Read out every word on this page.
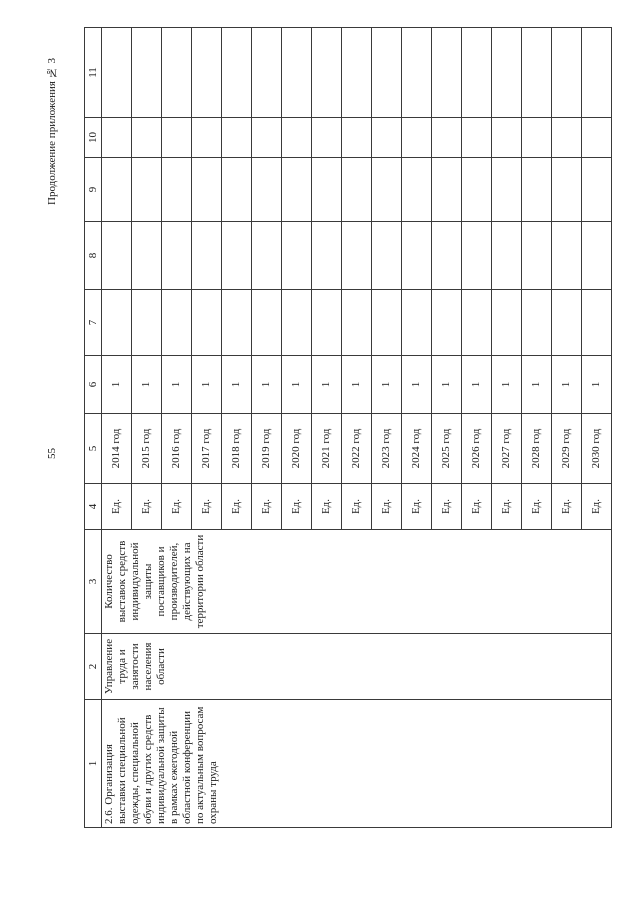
55
Продолжение приложения № 3
1	2	3	4	5	6	7	8	9	10	11
2.6. Организация выставки специальной одежды, специальной обуви и других средств индивидуальной защиты в рамках ежегодной областной конференции по актуальным вопросам охраны труда	Управление труда и занятости населения области	Количество выставок средств индивидуальной защиты поставщиков и производителей, действующих на территории области	Ед.	2014 год	1					
			Ед.	2015 год	1					
			Ед.	2016 год	1					
			Ед.	2017 год	1					
			Ед.	2018 год	1					
			Ед.	2019 год	1					
			Ед.	2020 год	1					
			Ед.	2021 год	1					
			Ед.	2022 год	1					
			Ед.	2023 год	1					
			Ед.	2024 год	1					
			Ед.	2025 год	1					
			Ед.	2026 год	1					
			Ед.	2027 год	1					
			Ед.	2028 год	1					
			Ед.	2029 год	1					
			Ед.	2030 год	1					
